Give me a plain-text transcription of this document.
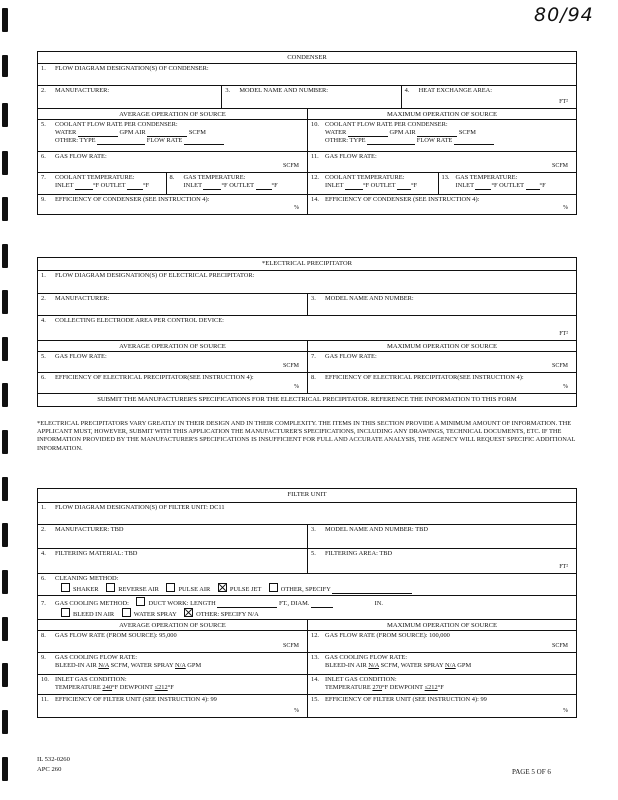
80/94
CONDENSER
1. FLOW DIAGRAM DESIGNATION(S) OF CONDENSER:
2. MANUFACTURER:	3. MODEL NAME AND NUMBER:	4. HEAT EXCHANGE AREA:
FT²
AVERAGE OPERATION OF SOURCE	MAXIMUM OPERATION OF SOURCE
5. COOLANT FLOW RATE PER CONDENSER:
WATER	GPM AIR	SCFM
OTHER: TYPE	FLOW RATE
10. COOLANT FLOW RATE PER CONDENSER:
WATER	GPM AIR	SCFM
OTHER: TYPE	FLOW RATE
6. GAS FLOW RATE:
SCFM
11. GAS FLOW RATE:
SCFM
7. COOLANT TEMPERATURE:
INLET	°F OUTLET	°F
8. GAS TEMPERATURE:
INLET	°F OUTLET	°F
12. COOLANT TEMPERATURE:
INLET	°F OUTLET °F
13. GAS TEMPERATURE:
INLET	°F OUTLET °F
9. EFFICIENCY OF CONDENSER (SEE INSTRUCTION 4):
%
14. EFFICIENCY OF CONDENSER (SEE INSTRUCTION 4):
%
*ELECTRICAL PRECIPITATOR
1. FLOW DIAGRAM DESIGNATION(S) OF ELECTRICAL PRECIPITATOR:
2. MANUFACTURER:	3. MODEL NAME AND NUMBER:
4. COLLECTING ELECTRODE AREA PER CONTROL DEVICE:
FT²
AVERAGE OPERATION OF SOURCE	MAXIMUM OPERATION OF SOURCE
5. GAS FLOW RATE:
SCFM
7. GAS FLOW RATE:
SCFM
6. EFFICIENCY OF ELECTRICAL PRECIPITATOR(SEE INSTRUCTION 4):
%
8. EFFICIENCY OF ELECTRICAL PRECIPITATOR(SEE INSTRUCTION 4):
%
SUBMIT THE MANUFACTURER'S SPECIFICATIONS FOR THE ELECTRICAL PRECIPITATOR. REFERENCE THE INFORMATION TO THIS FORM
*ELECTRICAL PRECIPITATORS VARY GREATLY IN THEIR DESIGN AND IN THEIR COMPLEXITY. THE ITEMS IN THIS SECTION PROVIDE A MINIMUM AMOUNT OF INFORMATION. THE APPLICANT MUST, HOWEVER, SUBMIT WITH THIS APPLICATION THE MANUFACTURER'S SPECIFICATIONS, INCLUDING ANY DRAWINGS, TECHNICAL DOCUMENTS, ETC. IF THE INFORMATION PROVIDED BY THE MANUFACTURER'S SPECIFICATIONS IS INSUFFICIENT FOR FULL AND ACCURATE ANALYSIS, THE AGENCY WILL REQUEST SPECIFIC ADDITIONAL INFORMATION.
FILTER UNIT
1. FLOW DIAGRAM DESIGNATION(S) OF FILTER UNIT: DC11
2. MANUFACTURER: TBD	3. MODEL NAME AND NUMBER: TBD
4. FILTERING MATERIAL: TBD	5. FILTERING AREA: TBD
FT²
6. CLEANING METHOD:
SHAKER	REVERSE AIR	PULSE AIR	PULSE JET	OTHER, SPECIFY
7. GAS COOLING METHOD:	DUCT WORK: LENGTH	FT., DIAM.	IN.
BLEED IN AIR	WATER SPRAY	OTHER: SPECIFY N/A
AVERAGE OPERATION OF SOURCE	MAXIMUM OPERATION OF SOURCE
8. GAS FLOW RATE (FROM SOURCE): 95,000
SCFM
12. GAS FLOW RATE (FROM SOURCE): 100,000
SCFM
9. GAS COOLING FLOW RATE:
BLEED-IN AIR N/A SCFM, WATER SPRAY N/A GPM
13. GAS COOLING FLOW RATE:
BLEED-IN AIR N/A SCFM, WATER SPRAY N/A GPM
10. INLET GAS CONDITION:
TEMPERATURE 240°F DEWPOINT ≤212°F
14. INLET GAS CONDITION:
TEMPERATURE 270°F DEWPOINT ≤212°F
11. EFFICIENCY OF FILTER UNIT (SEE INSTRUCTION 4): 99
%
15. EFFICIENCY OF FILTER UNIT (SEE INSTRUCTION 4): 99
%
IL 532-0260
APC 260	PAGE 5 OF 6
